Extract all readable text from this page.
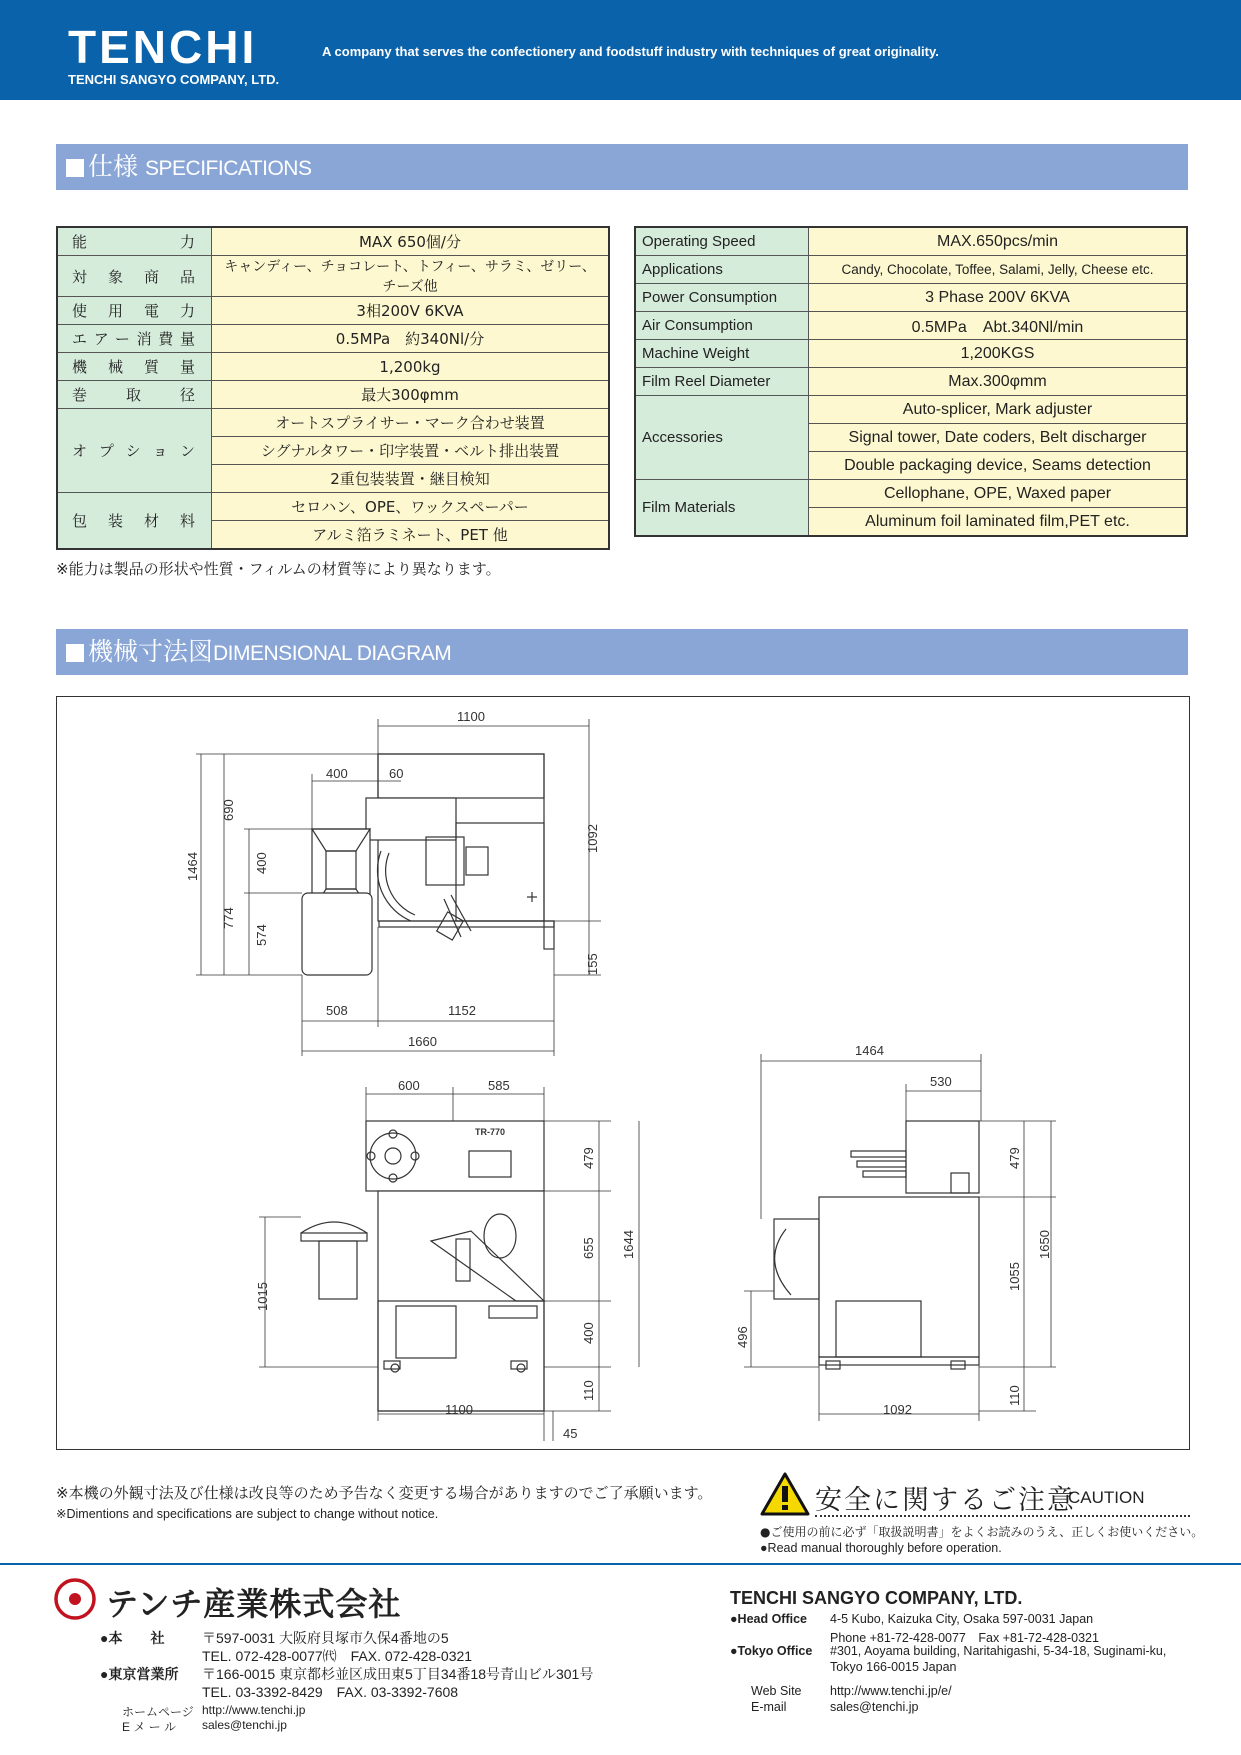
TENCHI
TENCHI SANGYO COMPANY, LTD.
A company that serves the confectionery and foodstuff industry with techniques of great originality.
仕様 SPECIFICATIONS
能力	MAX 650個/分
対象商品	キャンディー、チョコレート、トフィー、サラミ、ゼリー、チーズ他
使用電力	3相200V 6KVA
エアー消費量	0.5MPa　約340Nl/分
機械質量	1,200kg
巻取径	最大300φmm
オプション	オートスプライサー・マーク合わせ装置
	シグナルタワー・印字装置・ベルト排出装置
	2重包装装置・継目検知
包装材料	セロハン、OPE、ワックスペーパー
	アルミ箔ラミネート、PET 他
Operating Speed	MAX.650pcs/min
Applications	Candy, Chocolate, Toffee, Salami, Jelly, Cheese etc.
Power Consumption	3 Phase 200V 6KVA
Air Consumption	0.5MPa　Abt.340Nl/min
Machine Weight	1,200KGS
Film Reel Diameter	Max.300φmm
Accessories	Auto-splicer, Mark adjuster
	Signal tower, Date coders, Belt discharger
	Double packaging device, Seams detection
Film Materials	Cellophane, OPE, Waxed paper
	Aluminum foil laminated film,PET etc.
※能力は製品の形状や性質・フィルムの材質等により異なります。
機械寸法図DIMENSIONAL DIAGRAM
1100
400	60
1464
690
400
774
574
1092
155
508	1152
1660
600	585
479
655 1644
1015
400
110
1100
45
1464
530
479
1650
1055
496
110
1092
TR-770
※本機の外観寸法及び仕様は改良等のため予告なく変更する場合がありますのでご了承願います。
※Dimentions and specifications are subject to change without notice.	安全に関するご注意
CAUTION
●ご使用の前に必ず「取扱説明書」をよくお読みのうえ、正しくお使いください。
●Read manual thoroughly before operation.
テンチ産業株式会社
●本　　社	〒597-0031 大阪府貝塚市久保4番地の5
TEL. 072-428-0077㈹　FAX. 072-428-0321
●東京営業所 〒166-0015 東京都杉並区成田東5丁目34番18号青山ビル301号
TEL. 03-3392-8429　FAX. 03-3392-7608
ホームページ http://www.tenchi.jp
E メ ー ル sales@tenchi.jp
TENCHI SANGYO COMPANY, LTD.
●Head Office 4-5 Kubo, Kaizuka City, Osaka 597-0031 Japan
Phone +81-72-428-0077　Fax +81-72-428-0321
●Tokyo Office #301, Aoyama building, Naritahigashi, 5-34-18, Suginami-ku,
Tokyo 166-0015 Japan
Web Site http://www.tenchi.jp/e/
E-mail	sales@tenchi.jp
